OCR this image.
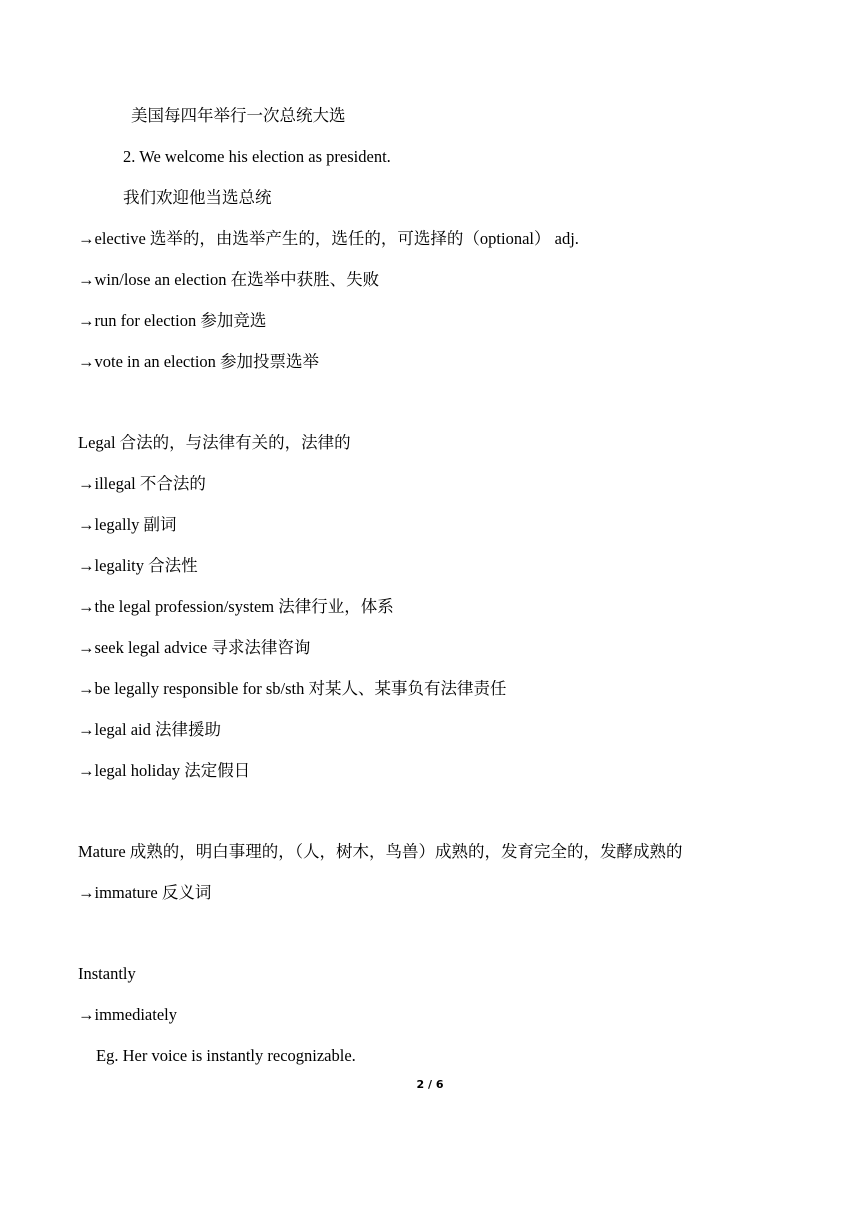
美国每四年举行一次总统大选
2. We welcome his election as president.
我们欢迎他当选总统
→elective 选举的，由选举产生的，选任的，可选择的（optional） adj.
→win/lose an election 在选举中获胜、失败
→run for election 参加竞选
→vote in an election 参加投票选举
Legal 合法的，与法律有关的，法律的
→illegal 不合法的
→legally 副词
→legality 合法性
→the legal profession/system 法律行业，体系
→seek legal advice 寻求法律咨询
→be legally responsible for sb/sth 对某人、某事负有法律责任
→legal aid 法律援助
→legal holiday 法定假日
Mature 成熟的，明白事理的，（人，树木，鸟兽）成熟的，发育完全的，发酵成熟的
→immature 反义词
Instantly
→immediately
Eg. Her voice is instantly recognizable.
2 / 6
